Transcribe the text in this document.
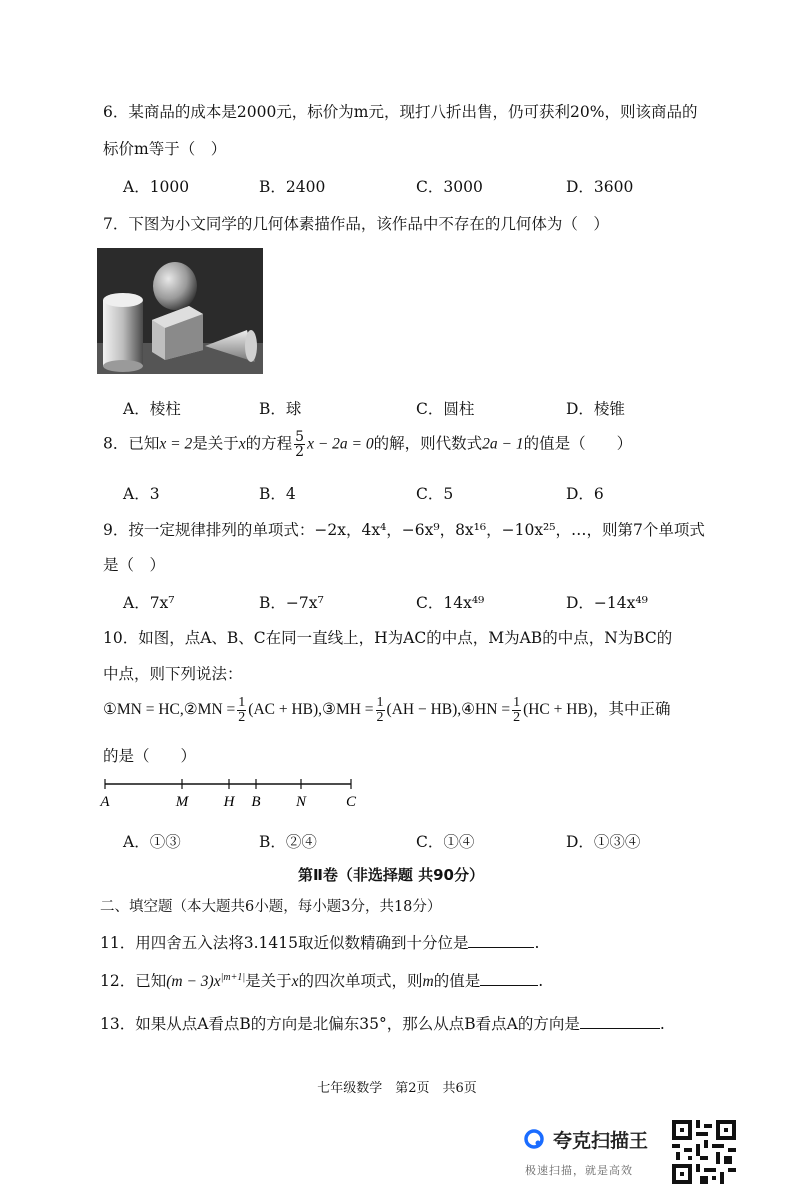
6．某商品的成本是2000元，标价为m元，现打八折出售，仍可获利20%，则该商品的
标价m等于（　）
A．1000	B．2400	C．3000	D．3600
7．下图为小文同学的几何体素描作品，该作品中不存在的几何体为（　）
A．棱柱	B．球	C．圆柱	D．棱锥
8．已知x = 2是关于x的方程 $\frac{5}{2}$ x − 2a = 0的解，则代数式2a − 1的值是（　　）
A．3	B．4	C．5	D．6
9．按一定规律排列的单项式：−2x，4x⁴，−6x⁹，8x¹⁶，−10x²⁵，…，则第7个单项式
是（　）
A．7x⁷	B．−7x⁷	C．14x⁴⁹	D．−14x⁴⁹
10．如图，点A、B、C在同一直线上，H为AC的中点，M为AB的中点，N为BC的
中点，则下列说法：
①MN = HC,②MN = $\frac{1}{2} (AC$ + HB),③MH = $\frac{1}{2} (AH$ − HB),④HN = $\frac{1}{2} (HC + HB)$，其中正确
的是（　　）
A	M H B N	C
A．①③	B．②④	C．①④	D．①③④
第Ⅱ卷（非选择题 共90分）
二、填空题（本大题共6小题，每小题3分，共18分）
11．用四舍五入法将3.1415取近似数精确到十分位是	.
12．已知$(m - 3)x^{|m+1|}$是关于x的四次单项式，则m的值是	.
13．如果从点A看点B的方向是北偏东35°，那么从点B看点A的方向是	.
七年级数学　第2页　共6页
夸克扫描王
极速扫描，就是高效
